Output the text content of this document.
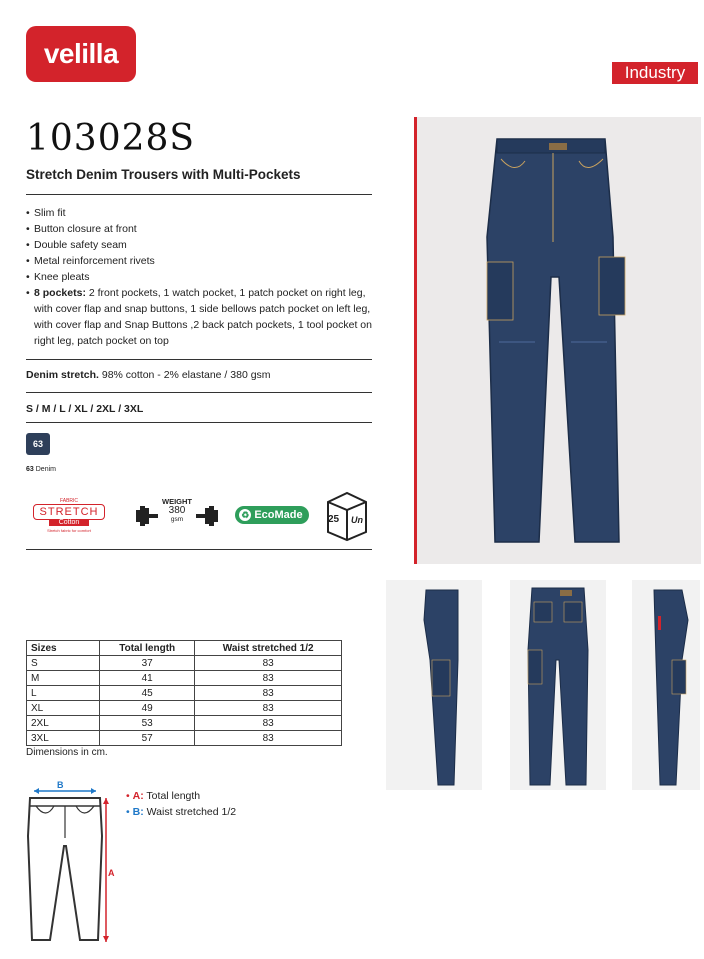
velilla
Industry
103028S
Stretch Denim Trousers with Multi-Pockets
• Slim fit
• Button closure at front
• Double safety seam
• Metal reinforcement rivets
• Knee pleats
• 8 pockets: 2 front pockets, 1 watch pocket, 1 patch pocket on right leg, with cover flap and snap buttons, 1 side bellows patch pocket on left leg, with cover flap and Snap Buttons ,2 back patch pockets, 1 tool pocket on right leg, patch pocket on top
Denim stretch. 98% cotton - 2% elastane / 380 gsm
S / M / L / XL / 2XL / 3XL
63
63 Denim
FABRIC
STRETCH
Cotton
Stretch fabric for comfort
WEIGHT
380
gsm	♻ EcoMade	25 Un
Sizes	Total length	Waist stretched 1/2
S	37	83
M	41	83
L	45	83
XL	49	83
2XL	53	83
3XL	57	83
Dimensions in cm.
B
A
• A: Total length
• B: Waist stretched 1/2
